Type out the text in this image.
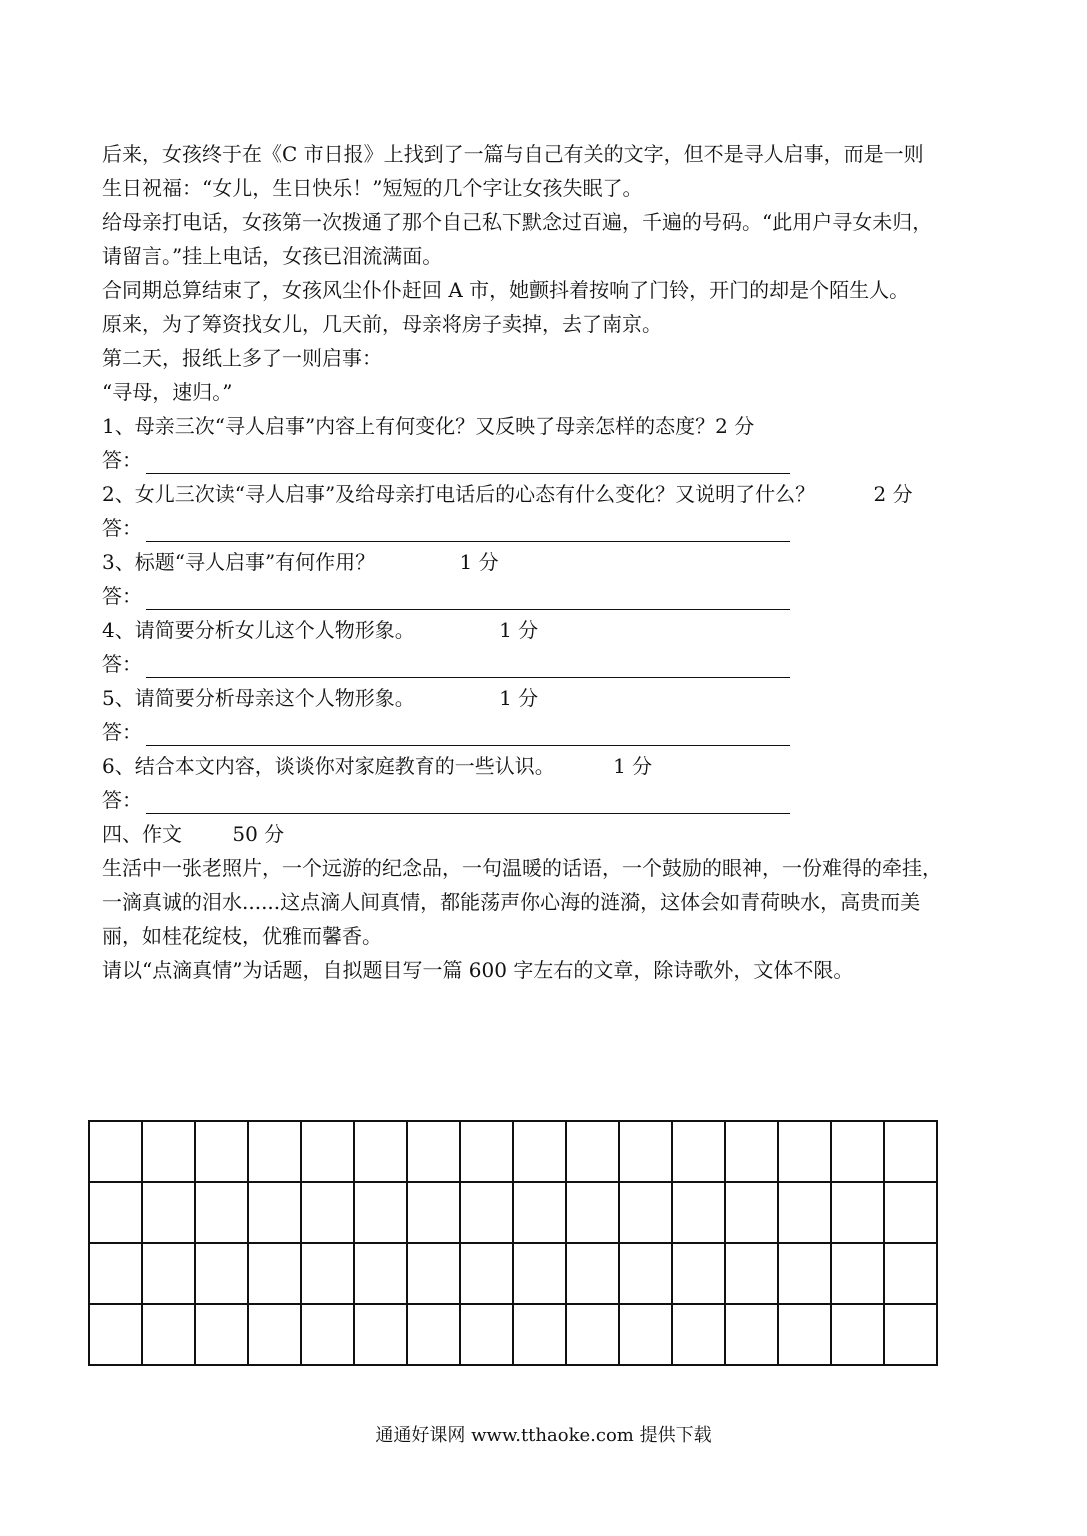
后来，女孩终于在《C 市日报》上找到了一篇与自己有关的文字，但不是寻人启事，而是一则
生日祝福：“女儿，生日快乐！”短短的几个字让女孩失眠了。
给母亲打电话，女孩第一次拨通了那个自己私下默念过百遍，千遍的号码。“此用户寻女未归，
请留言。”挂上电话，女孩已泪流满面。
合同期总算结束了，女孩风尘仆仆赶回 A 市，她颤抖着按响了门铃，开门的却是个陌生人。
原来，为了筹资找女儿，几天前，母亲将房子卖掉，去了南京。
第二天，报纸上多了一则启事：
“寻母，速归。”
1、母亲三次“寻人启事”内容上有何变化？又反映了母亲怎样的态度？2 分
答：
2、女儿三次读“寻人启事”及给母亲打电话后的心态有什么变化？又说明了什么？	2 分
答：
3、标题“寻人启事”有何作用？	1 分
答：
4、请简要分析女儿这个人物形象。	1 分
答：
5、请简要分析母亲这个人物形象。	1 分
答：
6、结合本文内容，谈谈你对家庭教育的一些认识。	1 分
答：
四、作文	50 分
生活中一张老照片，一个远游的纪念品，一句温暖的话语，一个鼓励的眼神，一份难得的牵挂，
一滴真诚的泪水......这点滴人间真情，都能荡声你心海的涟漪，这体会如青荷映水，高贵而美
丽，如桂花绽枝，优雅而馨香。
请以“点滴真情”为话题，自拟题目写一篇 600 字左右的文章，除诗歌外，文体不限。

通通好课网 www.tthaoke.com 提供下载
